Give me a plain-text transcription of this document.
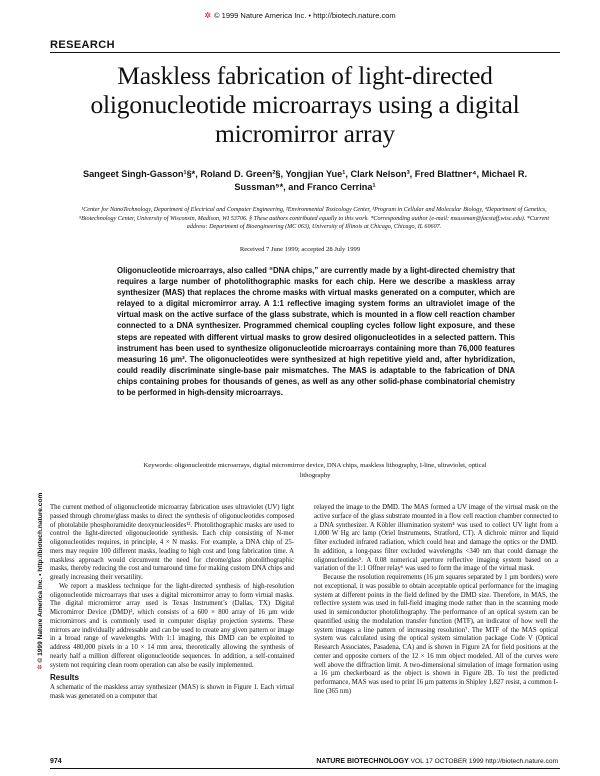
✲ © 1999 Nature America Inc. • http://biotech.nature.com
RESEARCH
Maskless fabrication of light-directed oligonucleotide microarrays using a digital micromirror array
Sangeet Singh-Gasson¹§*, Roland D. Green²§, Yongjian Yue¹, Clark Nelson³, Fred Blattner⁴, Michael R. Sussman⁵*, and Franco Cerrina¹
¹Center for NanoTechnology, Department of Electrical and Computer Engineering, ²Environmental Toxicology Center, ³Program in Cellular and Molecular Biology, ⁴Department of Genetics, ⁵Biotechnology Center, University of Wisconsin, Madison, WI 53706. § These authors contributed equally to this work. *Corresponding author (e-mail: msussman@facstaff.wisc.edu). *Current address: Department of Bioengineering (MC 063), University of Illinois at Chicago, Chicago, IL 60607.
Received 7 June 1999; accepted 28 July 1999
Oligonucleotide microarrays, also called “DNA chips,” are currently made by a light-directed chemistry that requires a large number of photolithographic masks for each chip. Here we describe a maskless array synthesizer (MAS) that replaces the chrome masks with virtual masks generated on a computer, which are relayed to a digital micromirror array. A 1:1 reflective imaging system forms an ultraviolet image of the virtual mask on the active surface of the glass substrate, which is mounted in a flow cell reaction chamber connected to a DNA synthesizer. Programmed chemical coupling cycles follow light exposure, and these steps are repeated with different virtual masks to grow desired oligonucleotides in a selected pattern. This instrument has been used to synthesize oligonucleotide microarrays containing more than 76,000 features measuring 16 µm². The oligonucleotides were synthesized at high repetitive yield and, after hybridization, could readily discriminate single-base pair mismatches. The MAS is adaptable to the fabrication of DNA chips containing probes for thousands of genes, as well as any other solid-phase combinatorial chemistry to be performed in high-density microarrays.
Keywords: oligonucleotide microarrays, digital micromirror device, DNA chips, maskless lithography, I-line, ultraviolet, optical lithography
✲ © 1999 Nature America Inc. • http://biotech.nature.com The current method of oligonucleotide microarray fabrication uses ultraviolet (UV) light passed through chrome/glass masks to direct the synthesis of oligonucleotides composed of photolabile phosphoramidite deoxynucleosides¹². Photolithographic masks are used to control the light-directed oligonucleotide synthesis. Each chip consisting of N-mer oligonucleotides requires, in principle, 4 × N masks. For example, a DNA chip of 25-mers may require 100 different masks, leading to high cost and long fabrication time. A maskless approach would circumvent the need for chrome/glass photolithographic masks, thereby reducing the cost and turnaround time for making custom DNA chips and greatly increasing their versatility.

We report a maskless technique for the light-directed synthesis of high-resolution oligonucleotide microarrays that uses a digital micromirror array to form virtual masks. The digital micromirror array used is Texas Instrument’s (Dallas, TX) Digital Micromirror Device (DMD)³, which consists of a 600 × 800 array of 16 µm wide micromirrors and is commonly used in computer display projection systems. These mirrors are individually addressable and can be used to create any given pattern or image in a broad range of wavelengths. With 1:1 imaging, this DMD can be exploited to address 480,000 pixels in a 10 × 14 mm area, theoretically allowing the synthesis of nearly half a million different oligonucleotide sequences. In addition, a self-contained system not requiring clean room operation can also be easily implemented.

Results

A schematic of the maskless array synthesizer (MAS) is shown in Figure 1. Each virtual mask was generated on a computer that

relayed the image to the DMD. The MAS formed a UV image of the virtual mask on the active surface of the glass substrate mounted in a flow cell reaction chamber connected to a DNA synthesizer. A Köhler illumination system⁴ was used to collect UV light from a 1,000 W Hg arc lamp (Oriel Instruments, Stratford, CT). A dichroic mirror and liquid filter excluded infrared radiation, which could heat and damage the optics or the DMD. In addition, a long-pass filter excluded wavelengths <340 nm that could damage the oligonucleotides⁵. A 0.08 numerical aperture reflective imaging system based on a variation of the 1:1 Offner relay⁶ was used to form the image of the virtual mask.

Because the resolution requirements (16 µm squares separated by 1 µm borders) were not exceptional, it was possible to obtain acceptable optical performance for the imaging system at different points in the field defined by the DMD size. Therefore, in MAS, the reflective system was used in full-field imaging mode rather than in the scanning mode used in semiconductor photolithography. The performance of an optical system can be quantified using the modulation transfer function (MTF), an indicator of how well the system images a line pattern of increasing resolution⁷. The MTF of the MAS optical system was calculated using the optical system simulation package Code V (Optical Research Associates, Pasadena, CA) and is shown in Figure 2A for field positions at the center and opposite corners of the 12 × 16 mm object modeled. All of the curves were well above the diffraction limit. A two-dimensional simulation of image formation using a 16 µm checkerboard as the object is shown in Figure 2B. To test the predicted performance, MAS was used to print 16 µm patterns in Shipley 1,827 resist, a common I-line (365 nm)

974	NATURE BIOTECHNOLOGY VOL 17 OCTOBER 1999 http://biotech.nature.com
